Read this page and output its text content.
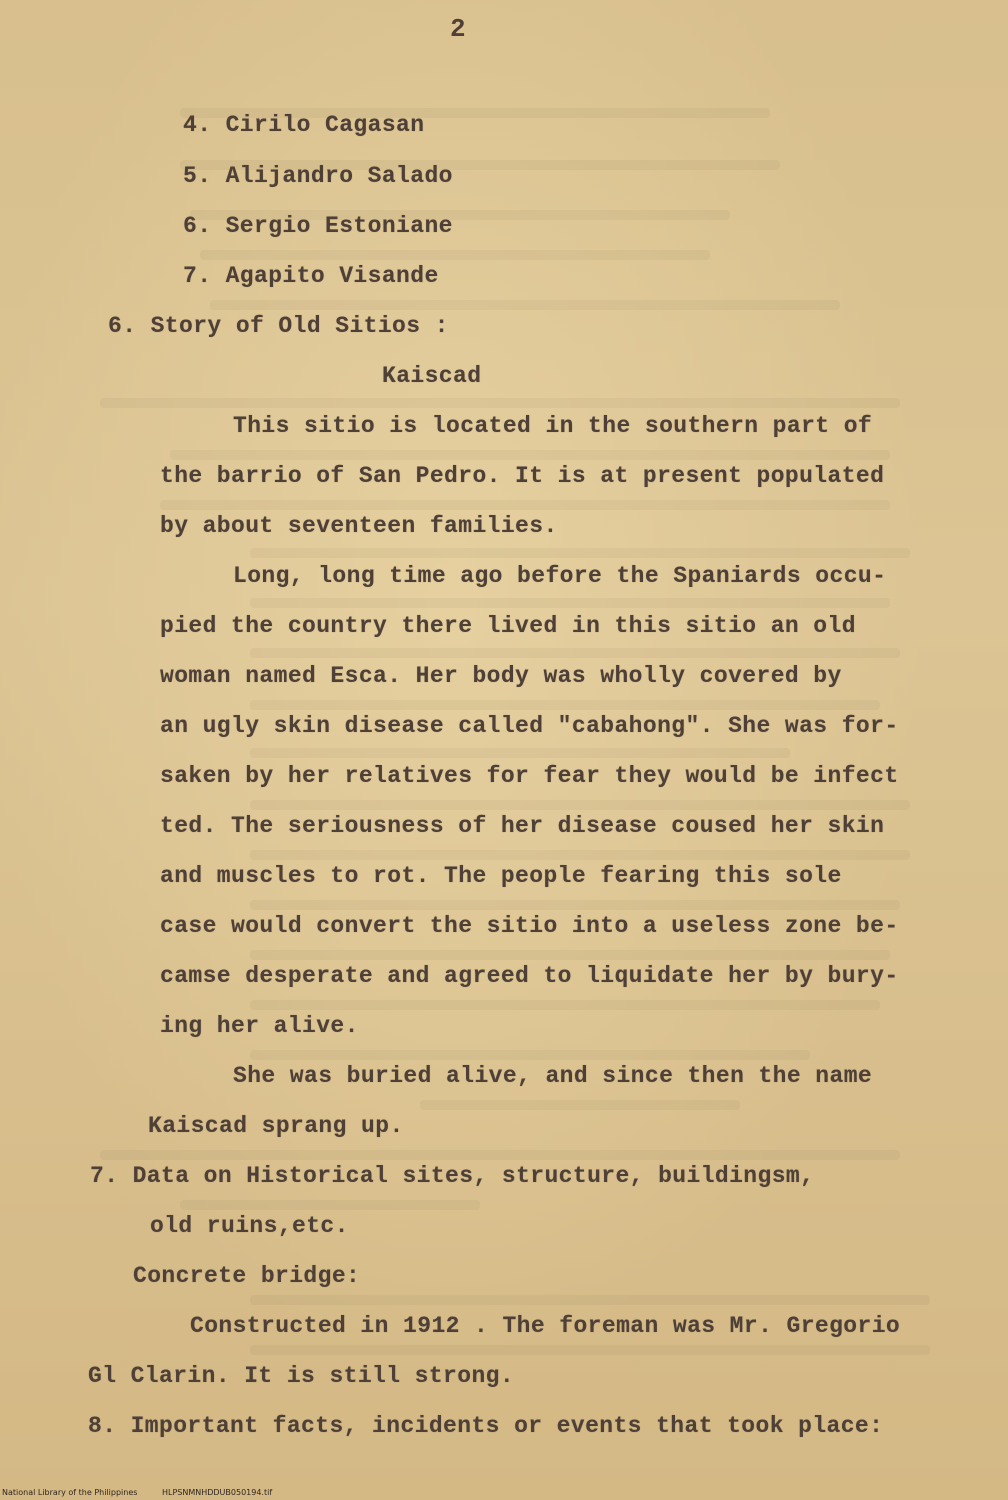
2
4. Cirilo Cagasan
5. Alijandro Salado
6. Sergio Estoniane
7. Agapito Visande
6. Story of Old Sitios :
Kaiscad
This sitio is located in the southern part of
the barrio of San Pedro. It is at present populated
by about seventeen families.
Long, long time ago before the Spaniards occu-
pied the country there lived in this sitio an old
woman named Esca. Her body was wholly covered by
an ugly skin disease called "cabahong". She was for-
saken by her relatives for fear they would be infect
ted. The seriousness of her disease coused her skin
and muscles to rot. The people fearing this sole
case would convert the sitio into a useless zone be-
camse desperate and agreed to liquidate her by bury-
ing her alive.
She was buried alive, and since then the name
Kaiscad sprang up.
7. Data on Historical sites, structure, buildingsm,
old ruins,etc.
Concrete bridge:
Constructed in 1912 . The foreman was Mr. Gregorio
Gl Clarin. It is still strong.
8. Important facts, incidents or events that took place:
National Library of the Philippines	HLPSNMNHDDUB050194.tif
